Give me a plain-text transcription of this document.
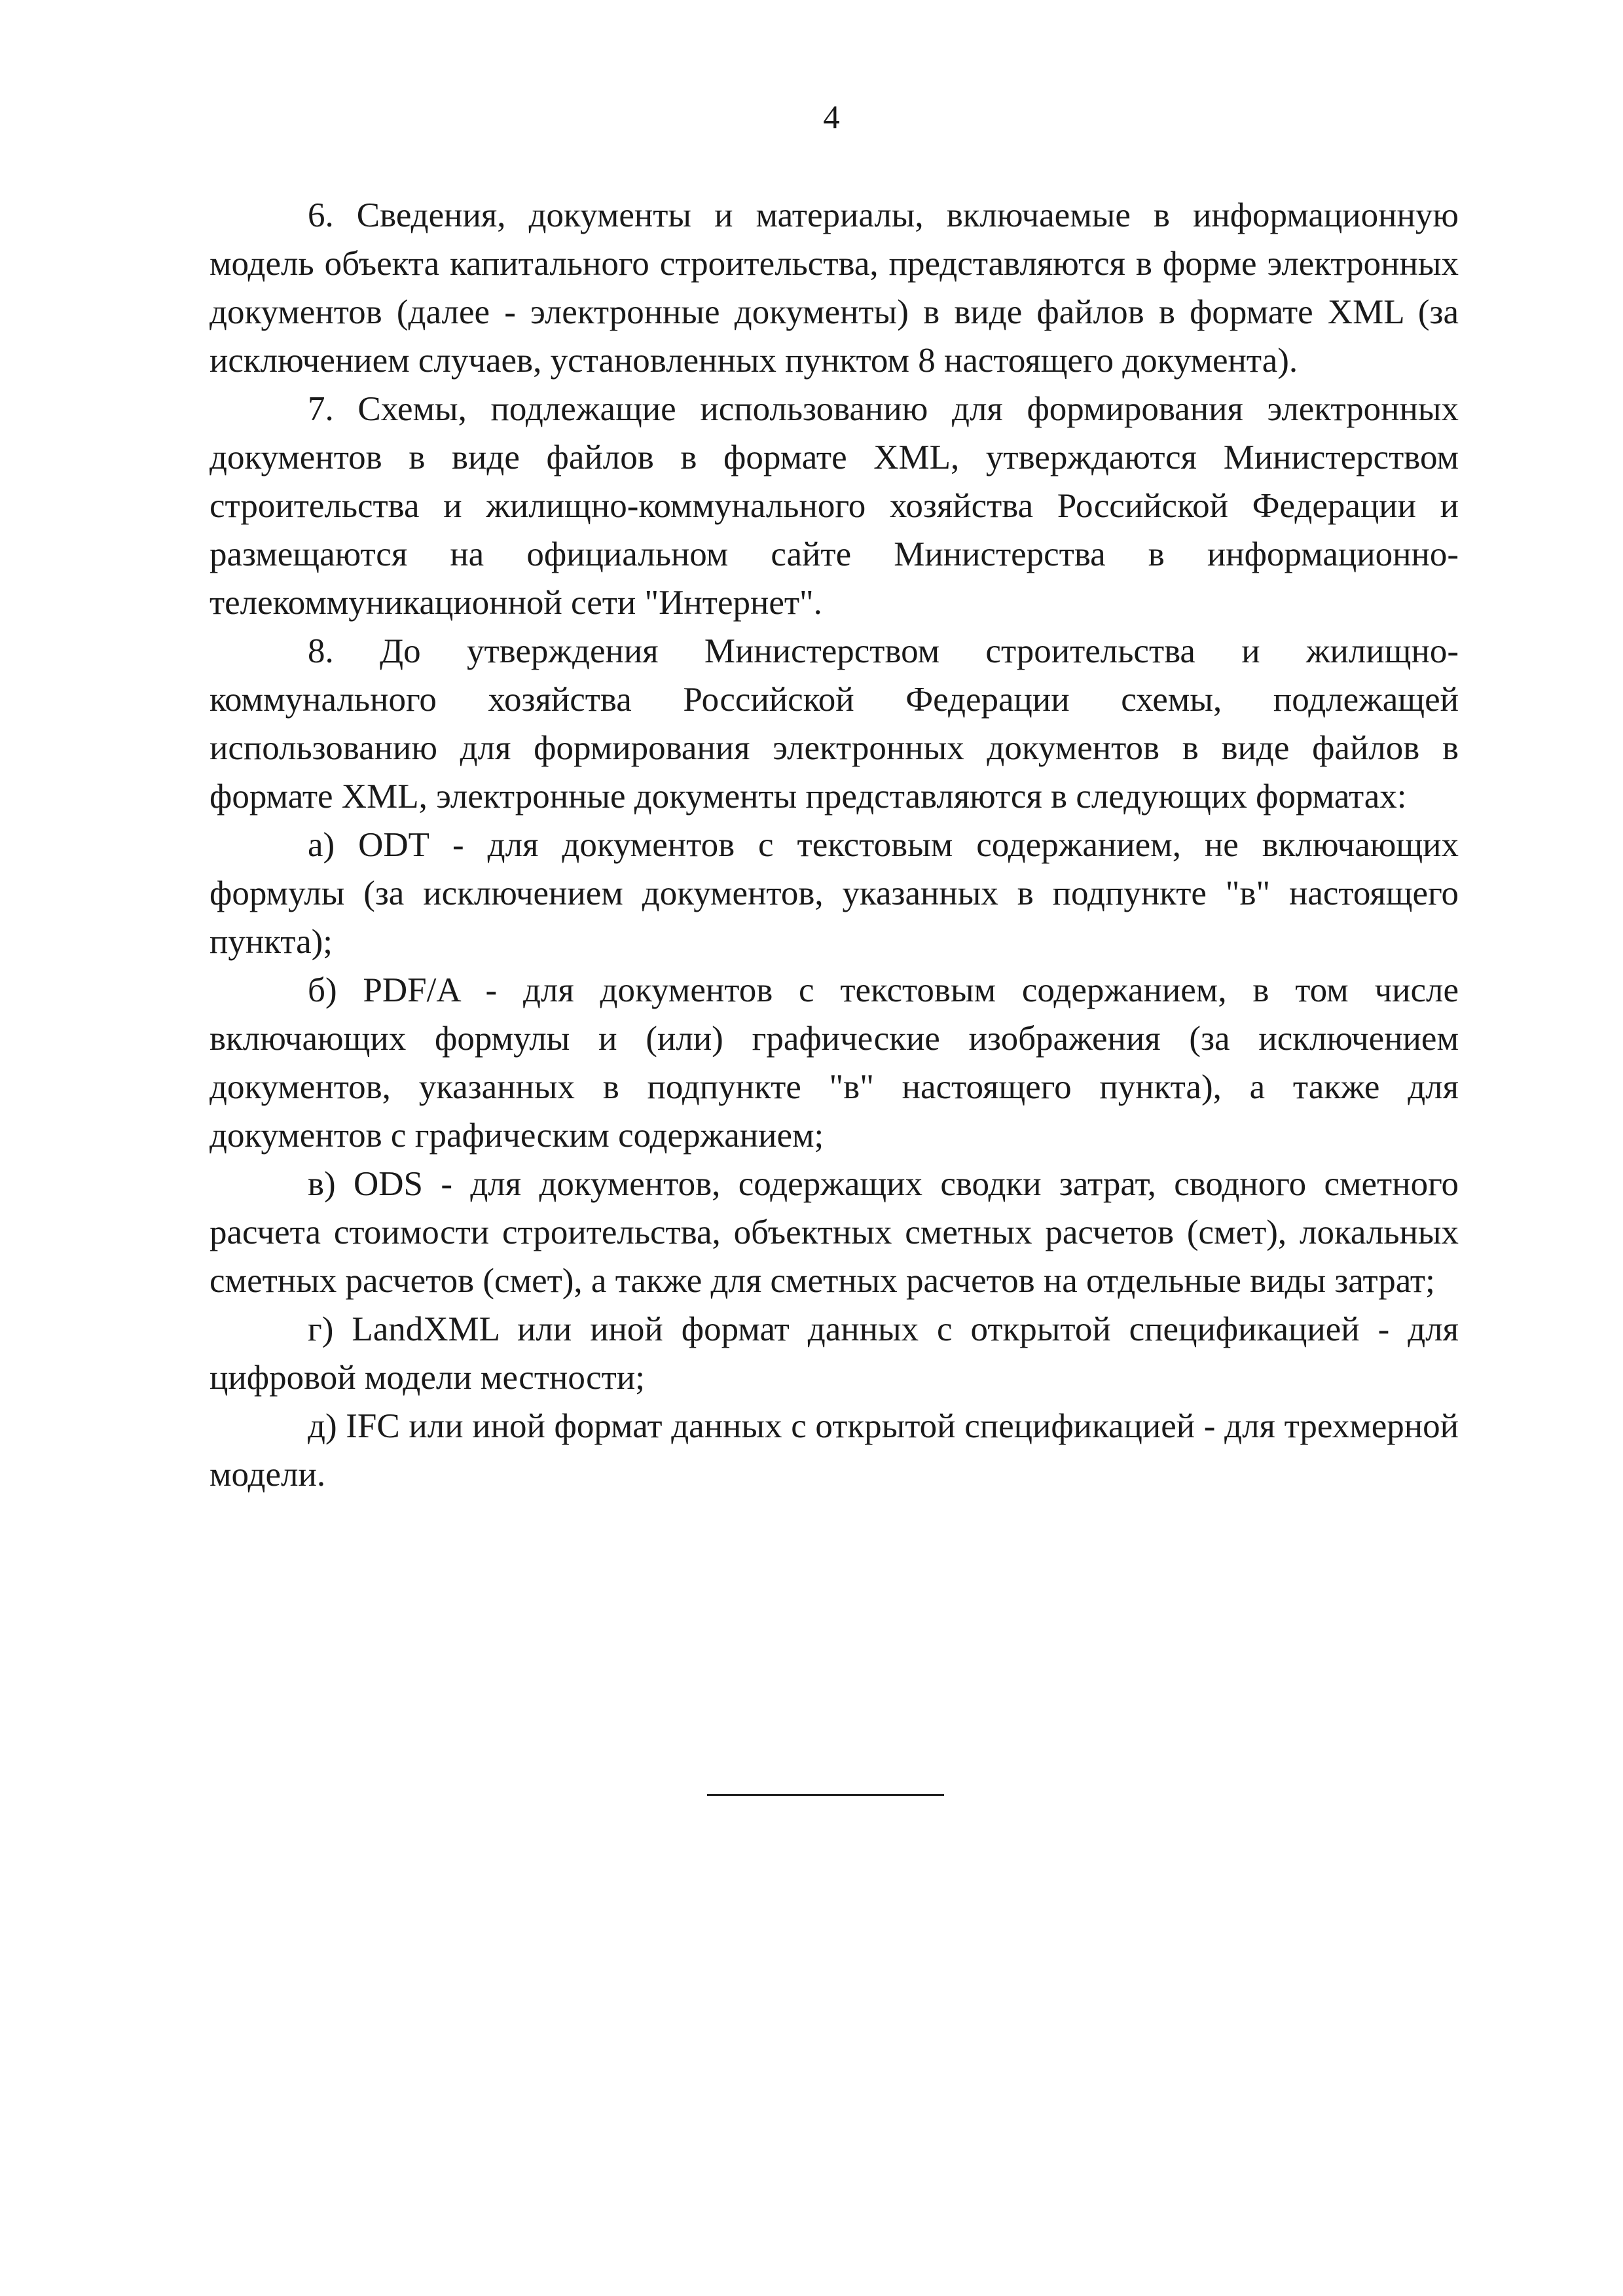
4

6. Сведения, документы и материалы, включаемые в информационную модель объекта капитального строительства, представляются в форме электронных документов (далее - электронные документы) в виде файлов в формате XML (за исключением случаев, установленных пунктом 8 настоящего документа).

7. Схемы, подлежащие использованию для формирования электронных документов в виде файлов в формате XML, утверждаются Министерством строительства и жилищно-коммунального хозяйства Российской Федерации и размещаются на официальном сайте Министерства в информационно-телекоммуникационной сети "Интернет".

8. До утверждения Министерством строительства и жилищно-коммунального хозяйства Российской Федерации схемы, подлежащей использованию для формирования электронных документов в виде файлов в формате XML, электронные документы представляются в следующих форматах:

а) ODT - для документов с текстовым содержанием, не включающих формулы (за исключением документов, указанных в подпункте "в" настоящего пункта);

б) PDF/A - для документов с текстовым содержанием, в том числе включающих формулы и (или) графические изображения (за исключением документов, указанных в подпункте "в" настоящего пункта), а также для документов с графическим содержанием;

в) ODS - для документов, содержащих сводки затрат, сводного сметного расчета стоимости строительства, объектных сметных расчетов (смет), локальных сметных расчетов (смет), а также для сметных расчетов на отдельные виды затрат;

г) LandXML или иной формат данных с открытой спецификацией - для цифровой модели местности;

д) IFC или иной формат данных с открытой спецификацией - для трехмерной модели.
